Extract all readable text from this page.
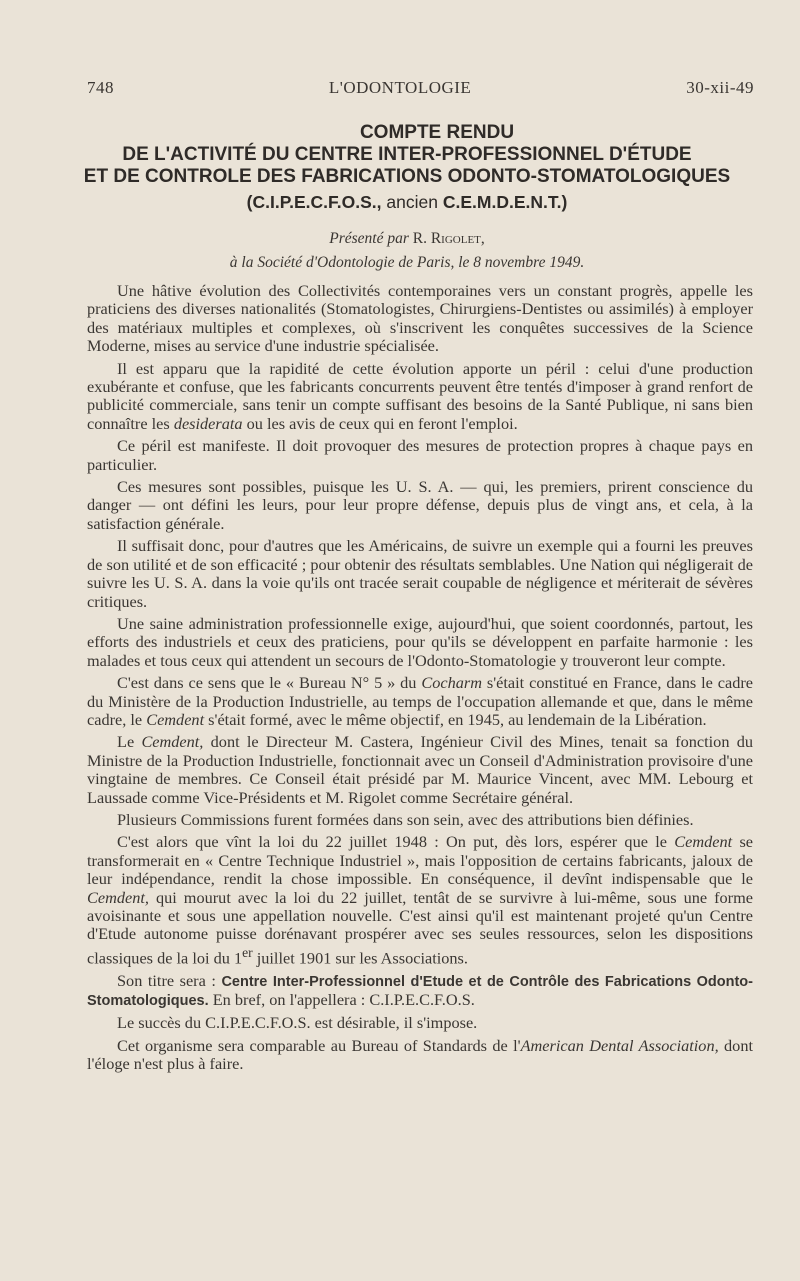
748	L'ODONTOLOGIE	30-xii-49
COMPTE RENDU
DE L'ACTIVITÉ DU CENTRE INTER-PROFESSIONNEL D'ÉTUDE
ET DE CONTROLE DES FABRICATIONS ODONTO-STOMATOLOGIQUES
(C.I.P.E.C.F.O.S., ancien C.E.M.D.E.N.T.)
Présenté par R. Rigolet,
à la Société d'Odontologie de Paris, le 8 novembre 1949.

Une hâtive évolution des Collectivités contemporaines vers un constant progrès, appelle les praticiens des diverses nationalités (Stomatologistes, Chirurgiens-Dentistes ou assimilés) à employer des matériaux multiples et complexes, où s'inscrivent les conquêtes successives de la Science Moderne, mises au service d'une industrie spécialisée.

Il est apparu que la rapidité de cette évolution apporte un péril : celui d'une production exubérante et confuse, que les fabricants concurrents peuvent être tentés d'imposer à grand renfort de publicité commerciale, sans tenir un compte suffisant des besoins de la Santé Publique, ni sans bien connaître les desiderata ou les avis de ceux qui en feront l'emploi.

Ce péril est manifeste. Il doit provoquer des mesures de protection propres à chaque pays en particulier.

Ces mesures sont possibles, puisque les U. S. A. — qui, les premiers, prirent conscience du danger — ont défini les leurs, pour leur propre défense, depuis plus de vingt ans, et cela, à la satisfaction générale.

Il suffisait donc, pour d'autres que les Américains, de suivre un exemple qui a fourni les preuves de son utilité et de son efficacité ; pour obtenir des résultats semblables. Une Nation qui négligerait de suivre les U. S. A. dans la voie qu'ils ont tracée serait coupable de négligence et mériterait de sévères critiques.

Une saine administration professionnelle exige, aujourd'hui, que soient coordonnés, partout, les efforts des industriels et ceux des praticiens, pour qu'ils se développent en parfaite harmonie : les malades et tous ceux qui attendent un secours de l'Odonto-Stomatologie y trouveront leur compte.

C'est dans ce sens que le « Bureau N° 5 » du Cocharm s'était constitué en France, dans le cadre du Ministère de la Production Industrielle, au temps de l'occupation allemande et que, dans le même cadre, le Cemdent s'était formé, avec le même objectif, en 1945, au lendemain de la Libération.

Le Cemdent, dont le Directeur M. Castera, Ingénieur Civil des Mines, tenait sa fonction du Ministre de la Production Industrielle, fonctionnait avec un Conseil d'Administration provisoire d'une vingtaine de membres. Ce Conseil était présidé par M. Maurice Vincent, avec MM. Lebourg et Laussade comme Vice-Présidents et M. Rigolet comme Secrétaire général.

Plusieurs Commissions furent formées dans son sein, avec des attributions bien définies.

C'est alors que vînt la loi du 22 juillet 1948 : On put, dès lors, espérer que le Cemdent se transformerait en « Centre Technique Industriel », mais l'opposition de certains fabricants, jaloux de leur indépendance, rendit la chose impossible. En conséquence, il devînt indispensable que le Cemdent, qui mourut avec la loi du 22 juillet, tentât de se survivre à lui-même, sous une forme avoisinante et sous une appellation nouvelle. C'est ainsi qu'il est maintenant projeté qu'un Centre d'Etude autonome puisse dorénavant prospérer avec ses seules ressources, selon les dispositions classiques de la loi du 1er juillet 1901 sur les Associations.

Son titre sera : Centre Inter-Professionnel d'Etude et de Contrôle des Fabrications Odonto-Stomatologiques. En bref, on l'appellera : C.I.P.E.C.F.O.S.

Le succès du C.I.P.E.C.F.O.S. est désirable, il s'impose.

Cet organisme sera comparable au Bureau of Standards de l'American Dental Association, dont l'éloge n'est plus à faire.
